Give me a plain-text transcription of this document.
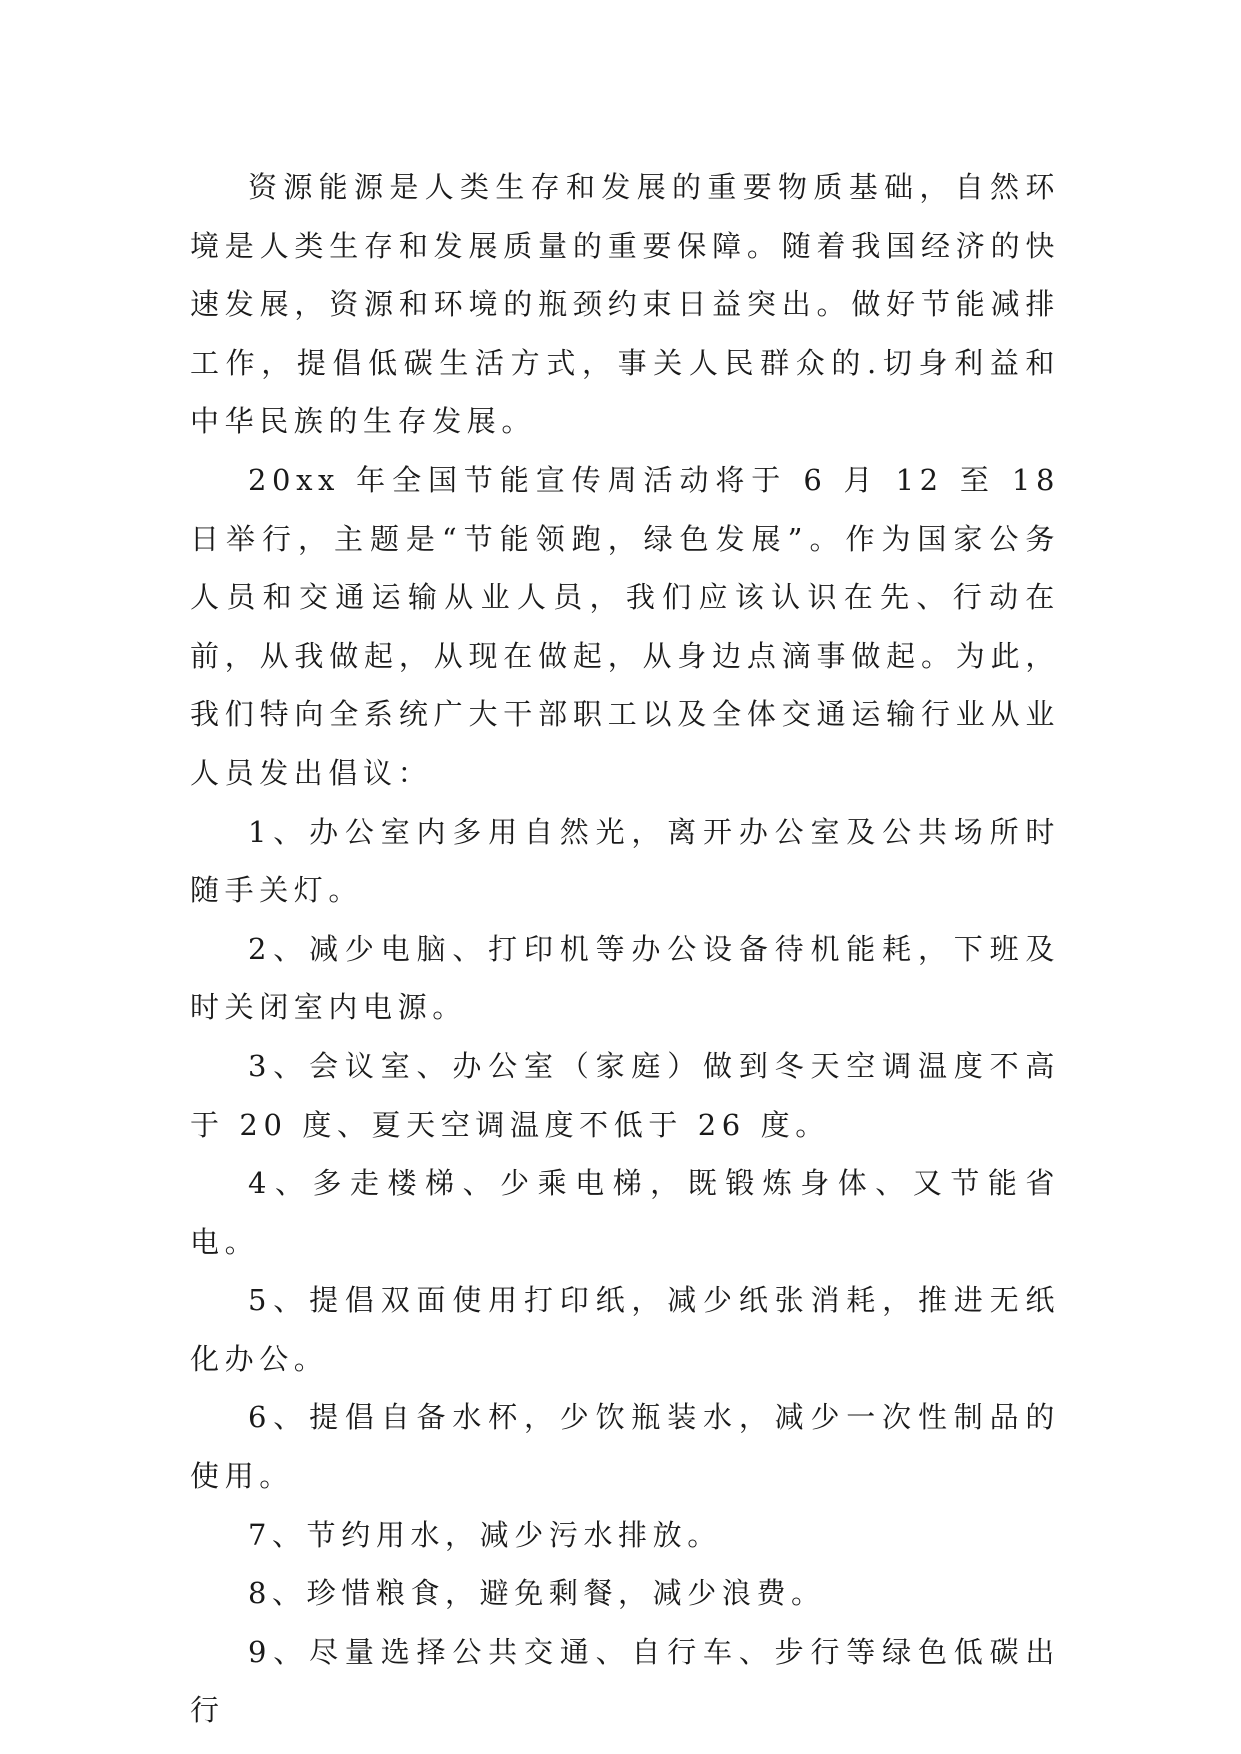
资源能源是人类生存和发展的重要物质基础，自然环境是人类生存和发展质量的重要保障。随着我国经济的快速发展，资源和环境的瓶颈约束日益突出。做好节能减排工作，提倡低碳生活方式，事关人民群众的.切身利益和中华民族的生存发展。

20xx 年全国节能宣传周活动将于 6 月 12 至 18 日举行，主题是“节能领跑，绿色发展”。作为国家公务人员和交通运输从业人员，我们应该认识在先、行动在前，从我做起，从现在做起，从身边点滴事做起。为此，我们特向全系统广大干部职工以及全体交通运输行业从业人员发出倡议：

1、办公室内多用自然光，离开办公室及公共场所时随手关灯。

2、减少电脑、打印机等办公设备待机能耗，下班及时关闭室内电源。

3、会议室、办公室（家庭）做到冬天空调温度不高于 20 度、夏天空调温度不低于 26 度。

4、多走楼梯、少乘电梯，既锻炼身体、又节能省电。

5、提倡双面使用打印纸，减少纸张消耗，推进无纸化办公。

6、提倡自备水杯，少饮瓶装水，减少一次性制品的使用。

7、节约用水，减少污水排放。

8、珍惜粮食，避免剩餐，减少浪费。

9、尽量选择公共交通、自行车、步行等绿色低碳出行
